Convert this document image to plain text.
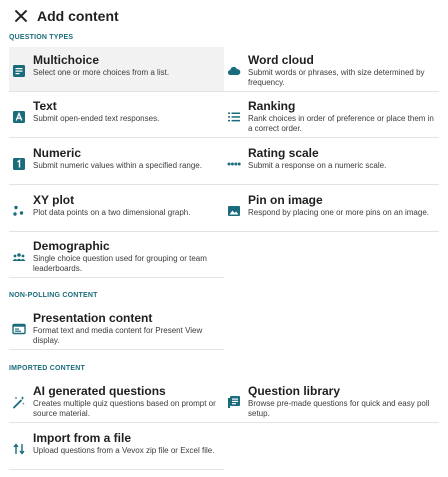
Add content
QUESTION TYPES
Multichoice
Select one or more choices from a list.
Word cloud
Submit words or phrases, with size determined by frequency.
Text
Submit open-ended text responses.
Ranking
Rank choices in order of preference or place them in a correct order.
Numeric
Submit numeric values within a specified range.
Rating scale
Submit a response on a numeric scale.
XY plot
Plot data points on a two dimensional graph.
Pin on image
Respond by placing one or more pins on an image.
Demographic
Single choice question used for grouping or team leaderboards.
NON-POLLING CONTENT
Presentation content
Format text and media content for Present View display.
IMPORTED CONTENT
AI generated questions
Creates multiple quiz questions based on prompt or source material.
Question library
Browse pre-made questions for quick and easy poll setup.
Import from a file
Upload questions from a Vevox zip file or Excel file.
